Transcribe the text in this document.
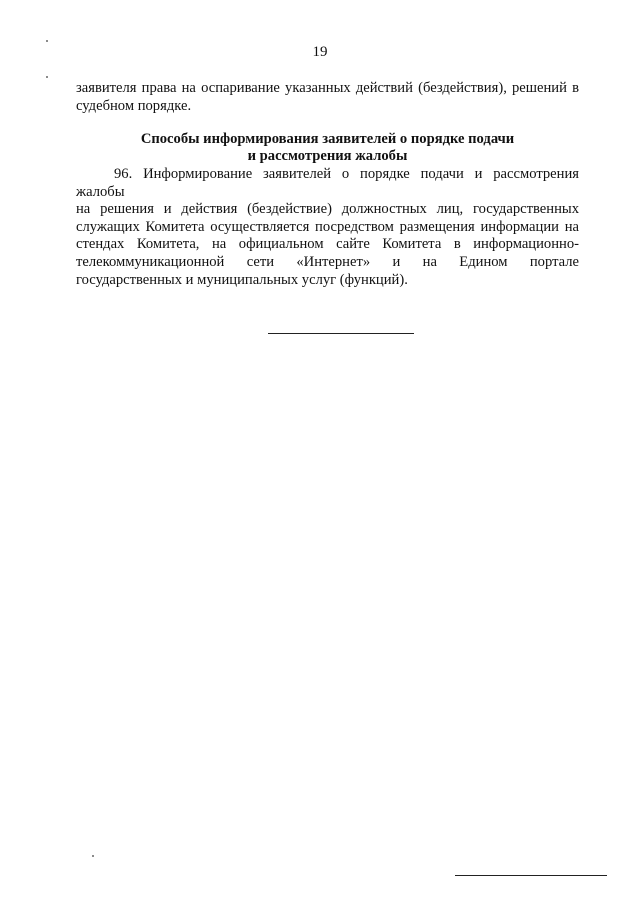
19
заявителя права на оспаривание указанных действий (бездействия), решений в
судебном порядке.
Способы информирования заявителей о порядке подачи
и рассмотрения жалобы
96. Информирование заявителей о порядке подачи и рассмотрения жалобы
на решения и действия (бездействие) должностных лиц, государственных
служащих Комитета осуществляется посредством размещения информации на
стендах Комитета, на официальном сайте Комитета в информационно-
телекоммуникационной сети «Интернет» и на Едином портале
государственных и муниципальных услуг (функций).
